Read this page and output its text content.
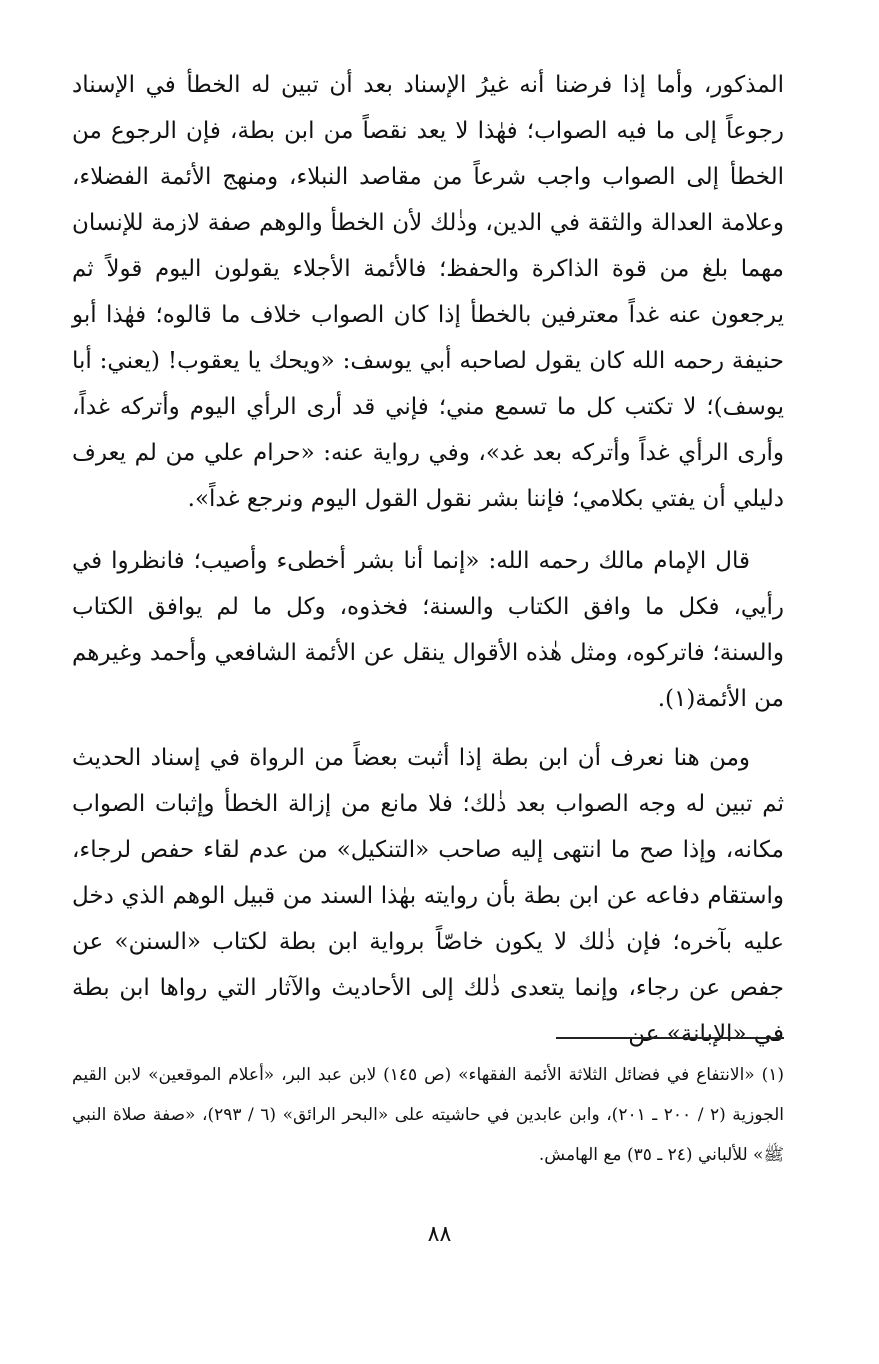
المذكور، وأما إذا فرضنا أنه غيرُ الإسناد بعد أن تبين له الخطأ في الإسناد رجوعاً إلى ما فيه الصواب؛ فهٰذا لا يعد نقصاً من ابن بطة، فإن الرجوع من الخطأ إلى الصواب واجب شرعاً من مقاصد النبلاء، ومنهج الأئمة الفضلاء، وعلامة العدالة والثقة في الدين، وذٰلك لأن الخطأ والوهم صفة لازمة للإنسان مهما بلغ من قوة الذاكرة والحفظ؛ فالأئمة الأجلاء يقولون اليوم قولاً ثم يرجعون عنه غداً معترفين بالخطأ إذا كان الصواب خلاف ما قالوه؛ فهٰذا أبو حنيفة رحمه الله كان يقول لصاحبه أبي يوسف: «ويحك يا يعقوب! (يعني: أبا يوسف)؛ لا تكتب كل ما تسمع مني؛ فإني قد أرى الرأي اليوم وأتركه غداً، وأرى الرأي غداً وأتركه بعد غد»، وفي رواية عنه: «حرام علي من لم يعرف دليلي أن يفتي بكلامي؛ فإننا بشر نقول القول اليوم ونرجع غداً».

قال الإمام مالك رحمه الله: «إنما أنا بشر أخطىء وأصيب؛ فانظروا في رأيي، فكل ما وافق الكتاب والسنة؛ فخذوه، وكل ما لم يوافق الكتاب والسنة؛ فاتركوه، ومثل هٰذه الأقوال ينقل عن الأئمة الشافعي وأحمد وغيرهم من الأئمة(١).

ومن هنا نعرف أن ابن بطة إذا أثبت بعضاً من الرواة في إسناد الحديث ثم تبين له وجه الصواب بعد ذٰلك؛ فلا مانع من إزالة الخطأ وإثبات الصواب مكانه، وإذا صح ما انتهى إليه صاحب «التنكيل» من عدم لقاء حفص لرجاء، واستقام دفاعه عن ابن بطة بأن روايته بهٰذا السند من قبيل الوهم الذي دخل عليه بآخره؛ فإن ذٰلك لا يكون خاصّاً برواية ابن بطة لكتاب «السنن» عن جفص عن رجاء، وإنما يتعدى ذٰلك إلى الأحاديث والآثار التي رواها ابن بطة في «الإبانة» عن

(١) «الانتفاع في فضائل الثلاثة الأئمة الفقهاء» (ص ١٤٥) لابن عبد البر، «أعلام الموقعين» لابن القيم الجوزية (٢ / ٢٠٠ ـ ٢٠١)، وابن عابدين في حاشيته على «البحر الرائق» (٦ / ٢٩٣)، «صفة صلاة النبي ﷺ» للألباني (٢٤ ـ ٣٥) مع الهامش.

٨٨
